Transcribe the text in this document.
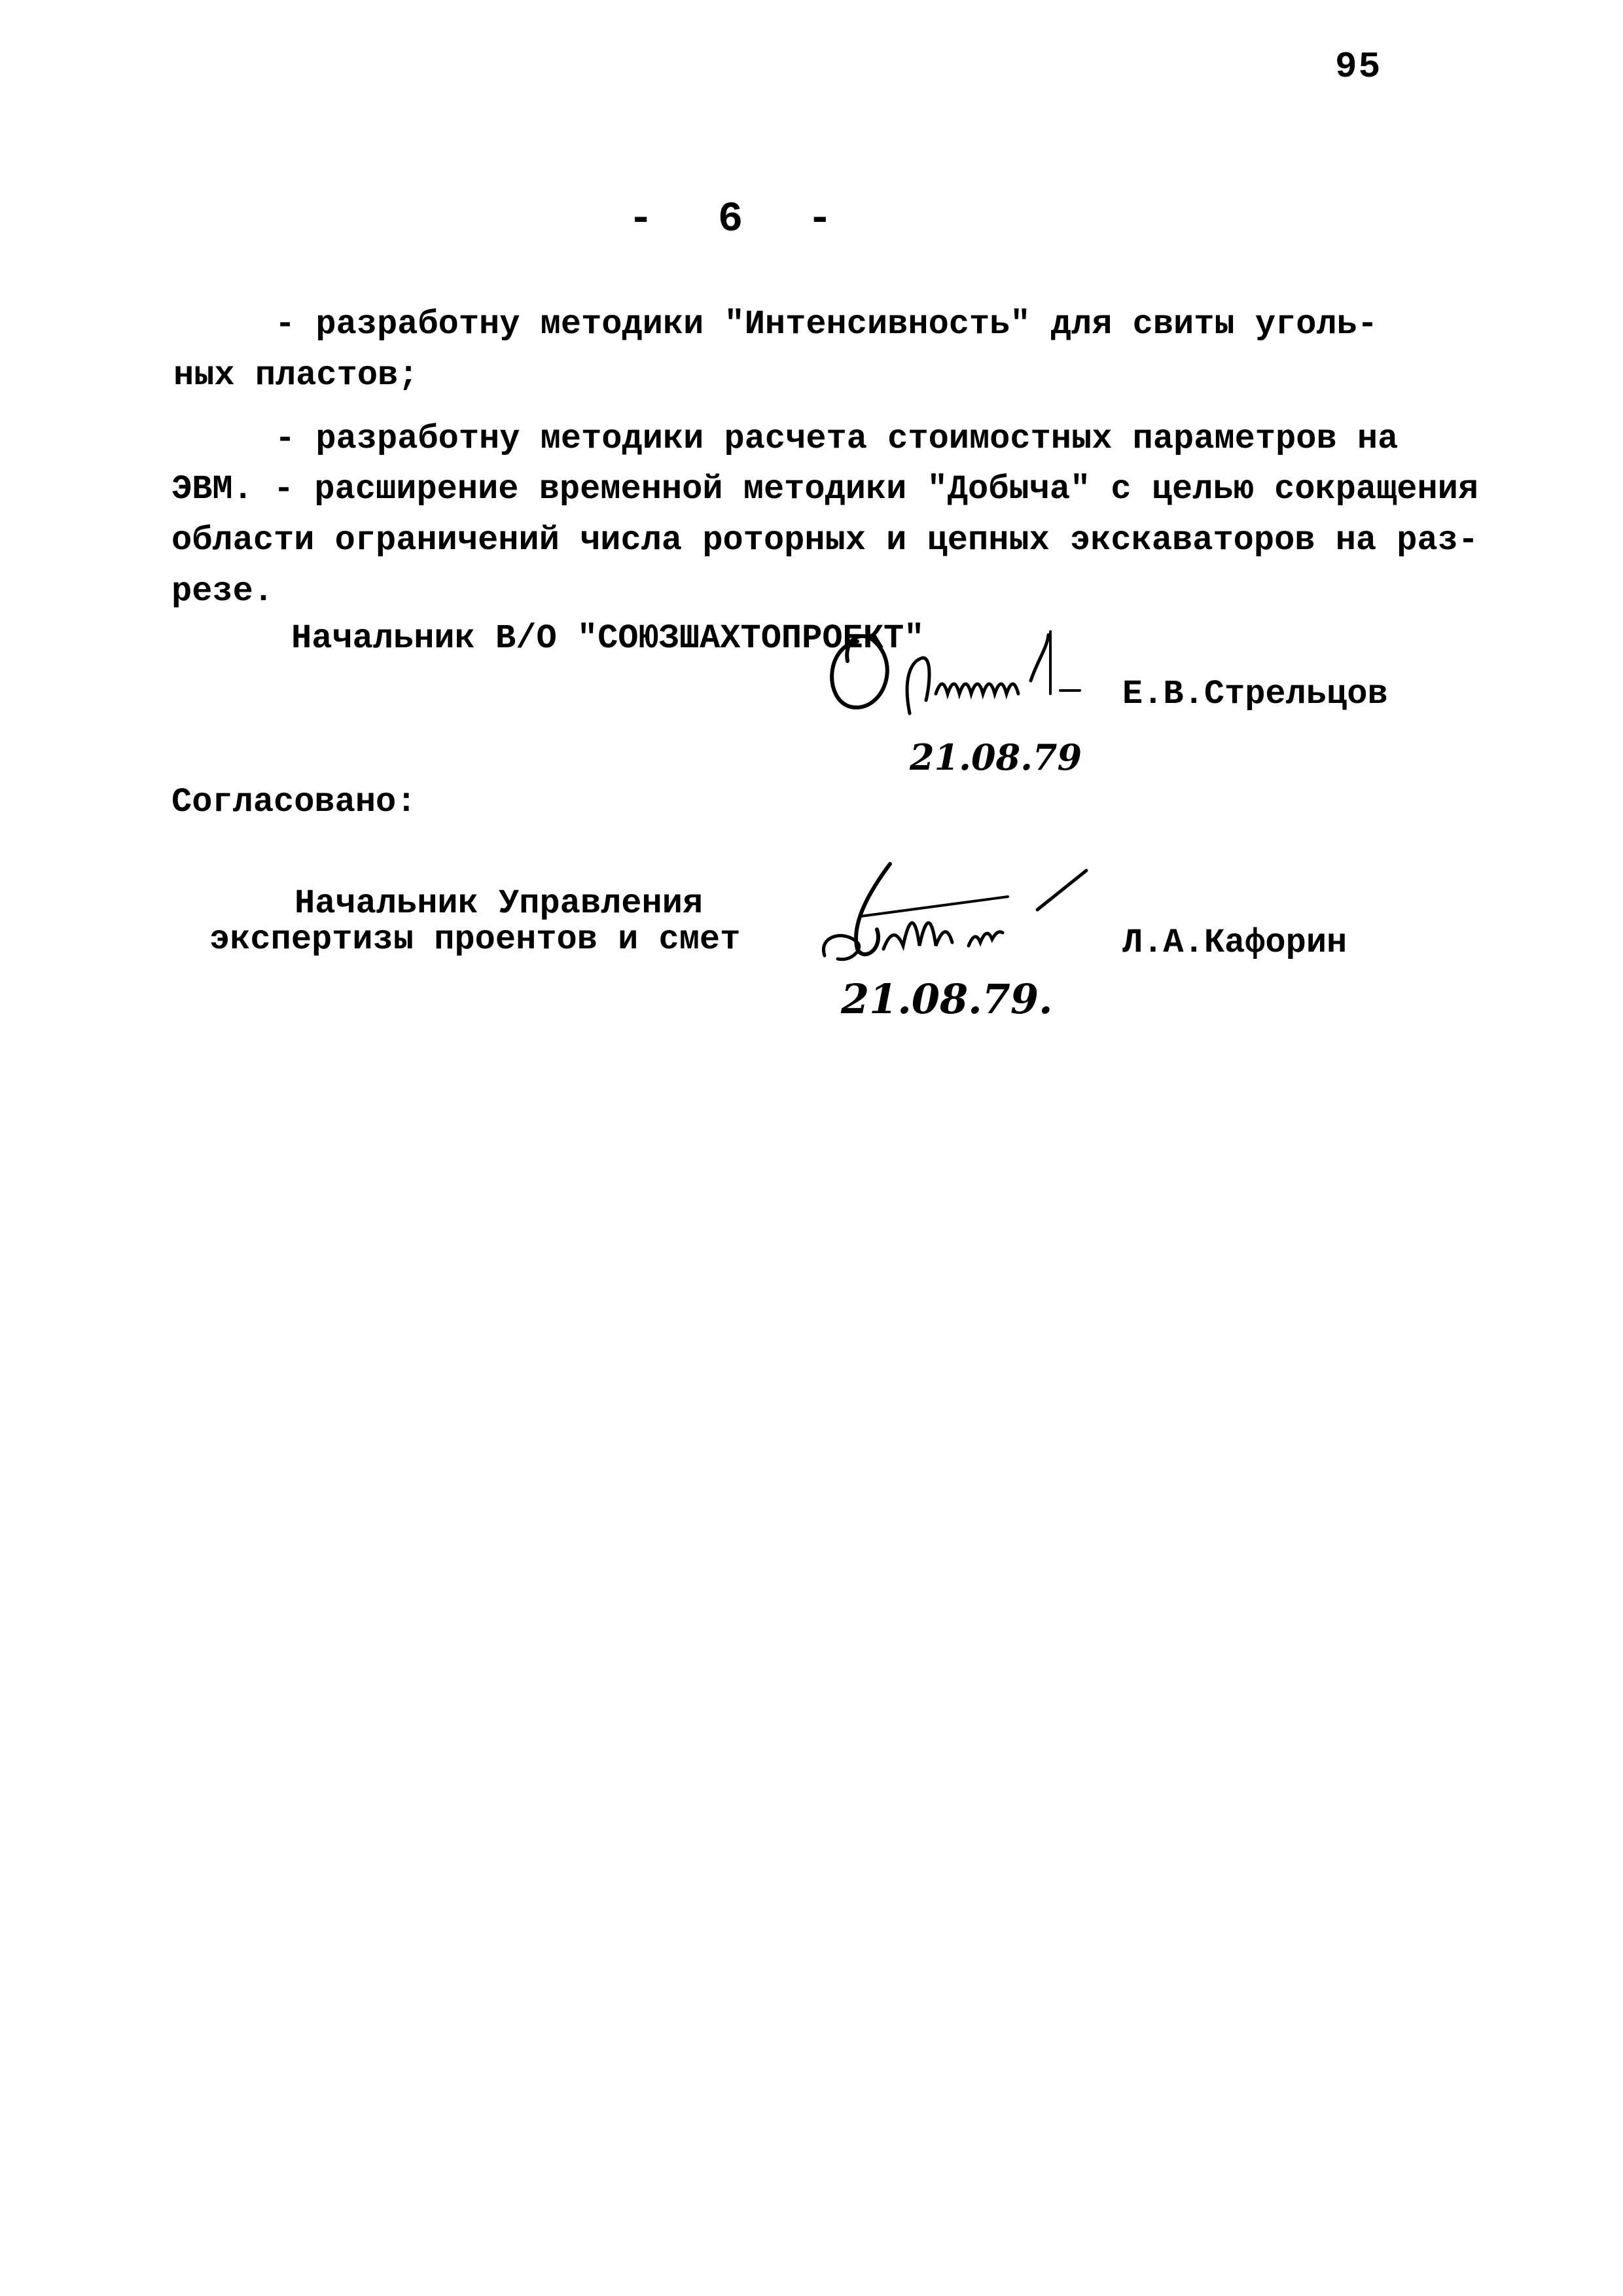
95
- 6 -
- разрaботну методики "Интенсивность" для свиты уголь-
ных пластов;
- разработну методики расчета стоимостных параметров на
ЭВМ. - расширение временной методики "Добыча" с целью сокращения
области ограничений числа роторных и цепных экскаваторов на раз-
резе.
Начальник В/О "СОЮЗШАХТОПРОЕКТ"
Е.В.Стрельцов
21.08.79
Согласовано:
Начальник Управления
экспертизы проентов и смет	Л.А.Кафорин
21.08.79.
